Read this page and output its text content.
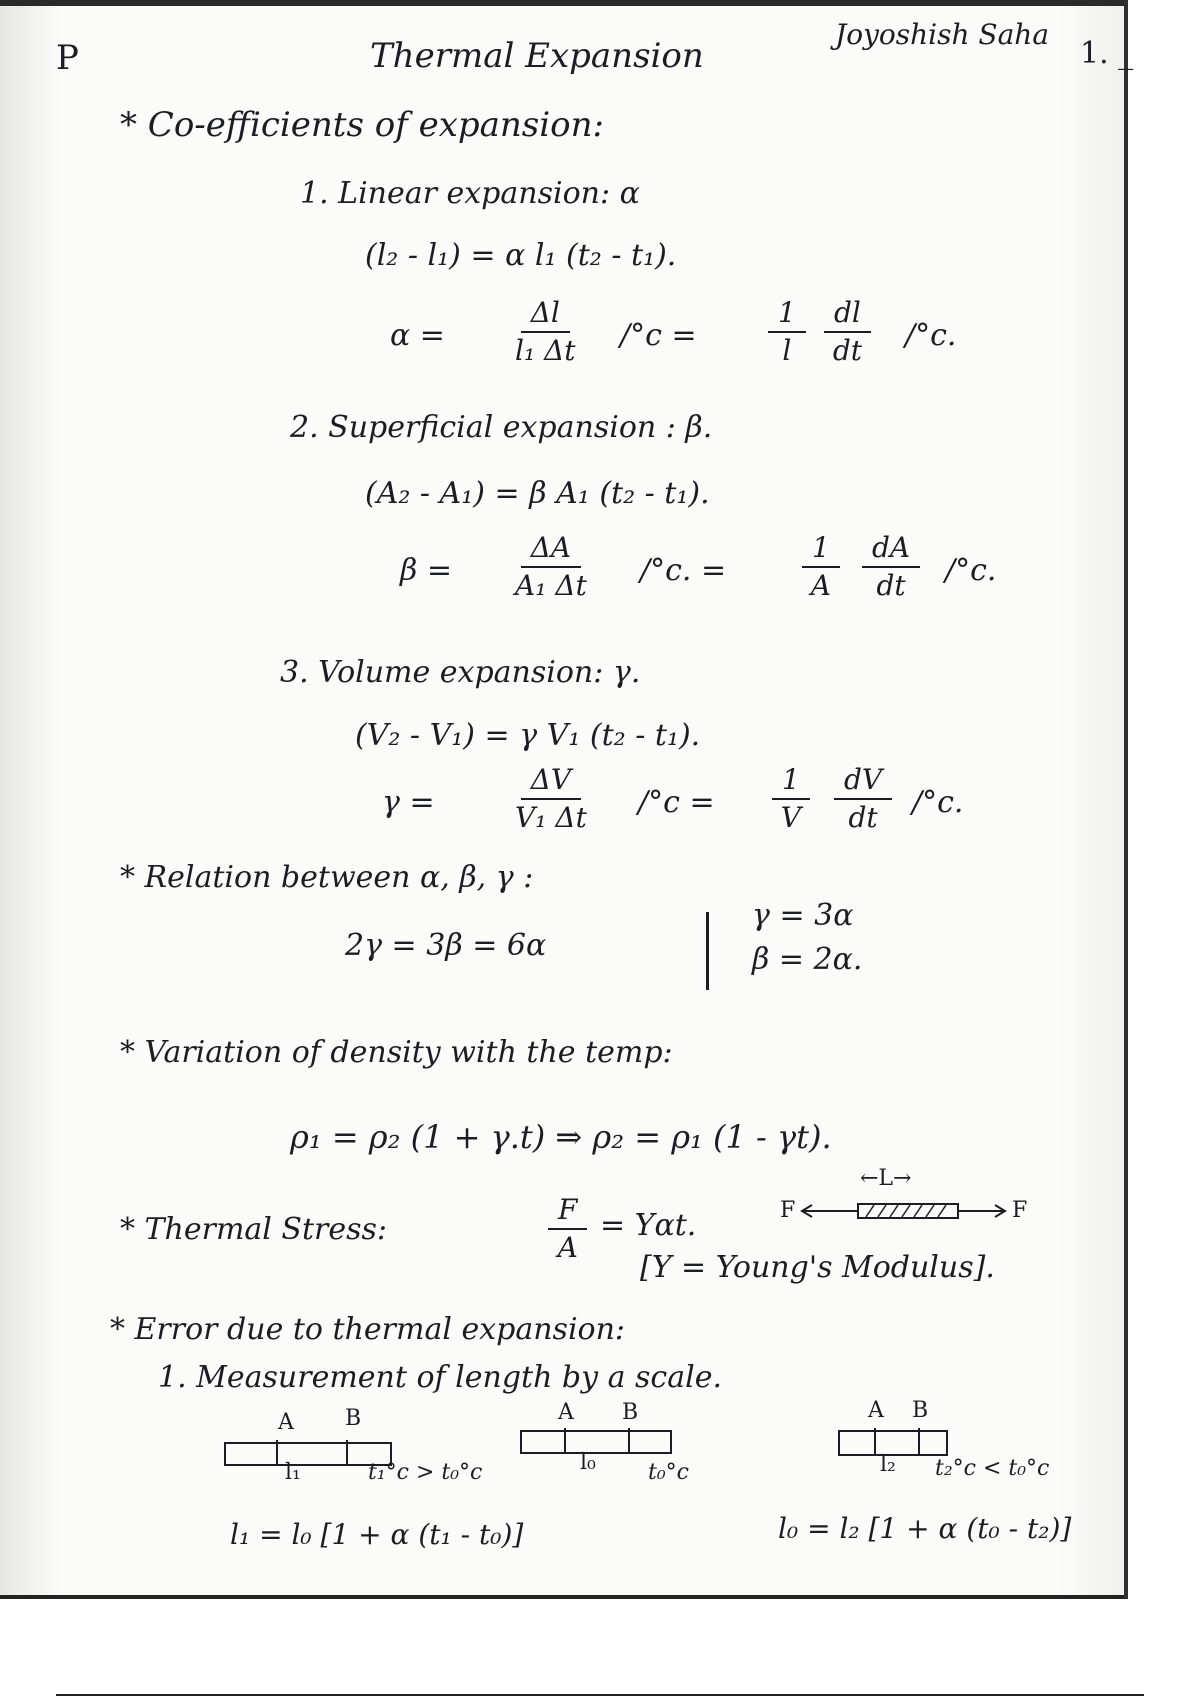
P	Thermal Expansion
Joyoshish Saha
1. _
* Co-efficients of expansion:
1. Linear expansion: α
(l₂ - l₁) = α l₁ (t₂ - t₁).
α =	$\frac{\Delta l}{\text{l₁ Δt}} /^\circ c$ =	$\frac{1}{l} \frac{dl}{dt} /^\circ c$.
2. Superficial expansion : β.
(A₂ - A₁) = β A₁ (t₂ - t₁).
$\beta = \frac{\Delta A}{\text{A₁ Δt}} /^\circ c$. =	$\frac{1}{A} \frac{dA}{dt} /^\circ c$.
3. Volume expansion: γ.
(V₂ - V₁) = γ V₁ (t₂ - t₁).
γ =	$\frac{\Delta V}{\text{V₁ Δt}} /^\circ c = \frac{1}{V} \frac{dV}{dt} /^\circ c$.
* Relation between α, β, γ :
2γ = 3β = 6α
γ = 3α
β = 2α.
* Variation of density with the temp:
ρ₁ = ρ₂ (1 + γ.t) ⇒ ρ₂ = ρ₁ (1 - γt).
* Thermal Stress:	$\frac{F}{A} = Y\alpha t$.
[Y = Young's Modulus].
←L→
F	F
* Error due to thermal expansion:
1. Measurement of length by a scale.
A B
l₁	t₁°c > t₀°c
A B
l₀ t₀°c
A B
l₂ t₂°c < t₀°c
l₁ = l₀ [1 + α (t₁ - t₀)]	l₀ = l₂ [1 + α (t₀ - t₂)]
